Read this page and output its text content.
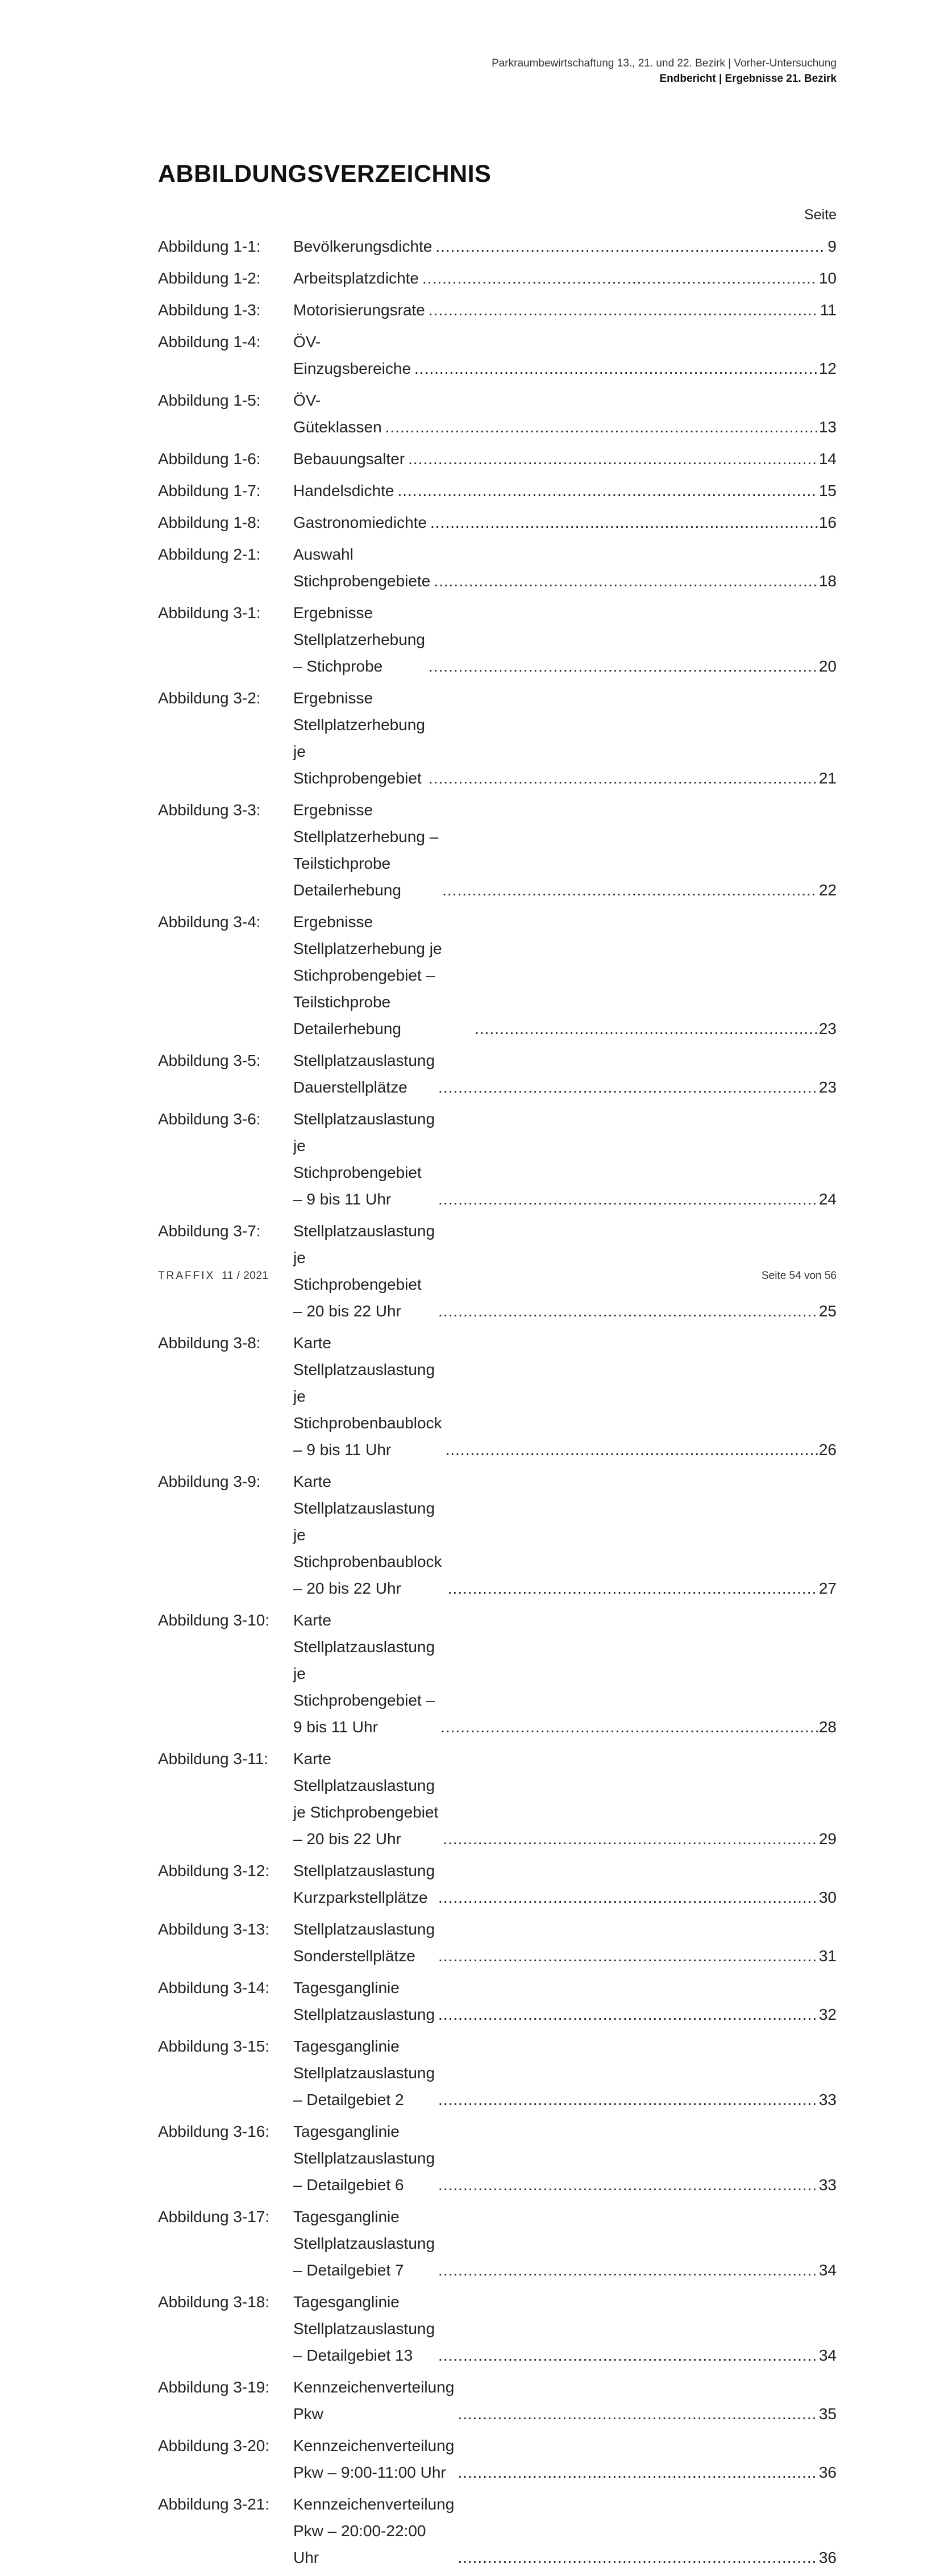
Parkraumbewirtschaftung 13., 21. und 22. Bezirk | Vorher-Untersuchung
Endbericht | Ergebnisse 21. Bezirk
ABBILDUNGSVERZEICHNIS
Seite
Abbildung 1-1:	Bevölkerungsdichte .....	9
Abbildung 1-2:	Arbeitsplatzdichte .....	10
Abbildung 1-3:	Motorisierungsrate .....	11
Abbildung 1-4:	ÖV-Einzugsbereiche .....	12
Abbildung 1-5:	ÖV-Güteklassen .....	13
Abbildung 1-6:	Bebauungsalter .....	14
Abbildung 1-7:	Handelsdichte .....	15
Abbildung 1-8:	Gastronomiedichte .....	16
Abbildung 2-1:	Auswahl Stichprobengebiete .....	18
Abbildung 3-1:	Ergebnisse Stellplatzerhebung – Stichprobe .....	20
Abbildung 3-2:	Ergebnisse Stellplatzerhebung je Stichprobengebiet .....	21
Abbildung 3-3:	Ergebnisse Stellplatzerhebung – Teilstichprobe Detailerhebung .....	22
Abbildung 3-4:	Ergebnisse Stellplatzerhebung je Stichprobengebiet – Teilstichprobe Detailerhebung .....	23
Abbildung 3-5:	Stellplatzauslastung Dauerstellplätze .....	23
Abbildung 3-6:	Stellplatzauslastung je Stichprobengebiet – 9 bis 11 Uhr .....	24
Abbildung 3-7:	Stellplatzauslastung je Stichprobengebiet – 20 bis 22 Uhr .....	25
Abbildung 3-8:	Karte Stellplatzauslastung je Stichprobenbaublock – 9 bis 11 Uhr .....	26
Abbildung 3-9:	Karte Stellplatzauslastung je Stichprobenbaublock – 20 bis 22 Uhr .....	27
Abbildung 3-10:	Karte Stellplatzauslastung je Stichprobengebiet – 9 bis 11 Uhr .....	28
Abbildung 3-11:	Karte Stellplatzauslastung je Stichprobengebiet – 20 bis 22 Uhr .....	29
Abbildung 3-12:	Stellplatzauslastung Kurzparkstellplätze .....	30
Abbildung 3-13:	Stellplatzauslastung Sonderstellplätze .....	31
Abbildung 3-14:	Tagesganglinie Stellplatzauslastung .....	32
Abbildung 3-15:	Tagesganglinie Stellplatzauslastung – Detailgebiet 2 .....	33
Abbildung 3-16:	Tagesganglinie Stellplatzauslastung – Detailgebiet 6 .....	33
Abbildung 3-17:	Tagesganglinie Stellplatzauslastung – Detailgebiet 7 .....	34
Abbildung 3-18:	Tagesganglinie Stellplatzauslastung – Detailgebiet 13 .....	34
Abbildung 3-19:	Kennzeichenverteilung Pkw .....	35
Abbildung 3-20:	Kennzeichenverteilung Pkw – 9:00-11:00 Uhr .....	36
Abbildung 3-21:	Kennzeichenverteilung Pkw – 20:00-22:00 Uhr .....	36
TRAFFIX 11 / 2021	Seite 54 von 56
